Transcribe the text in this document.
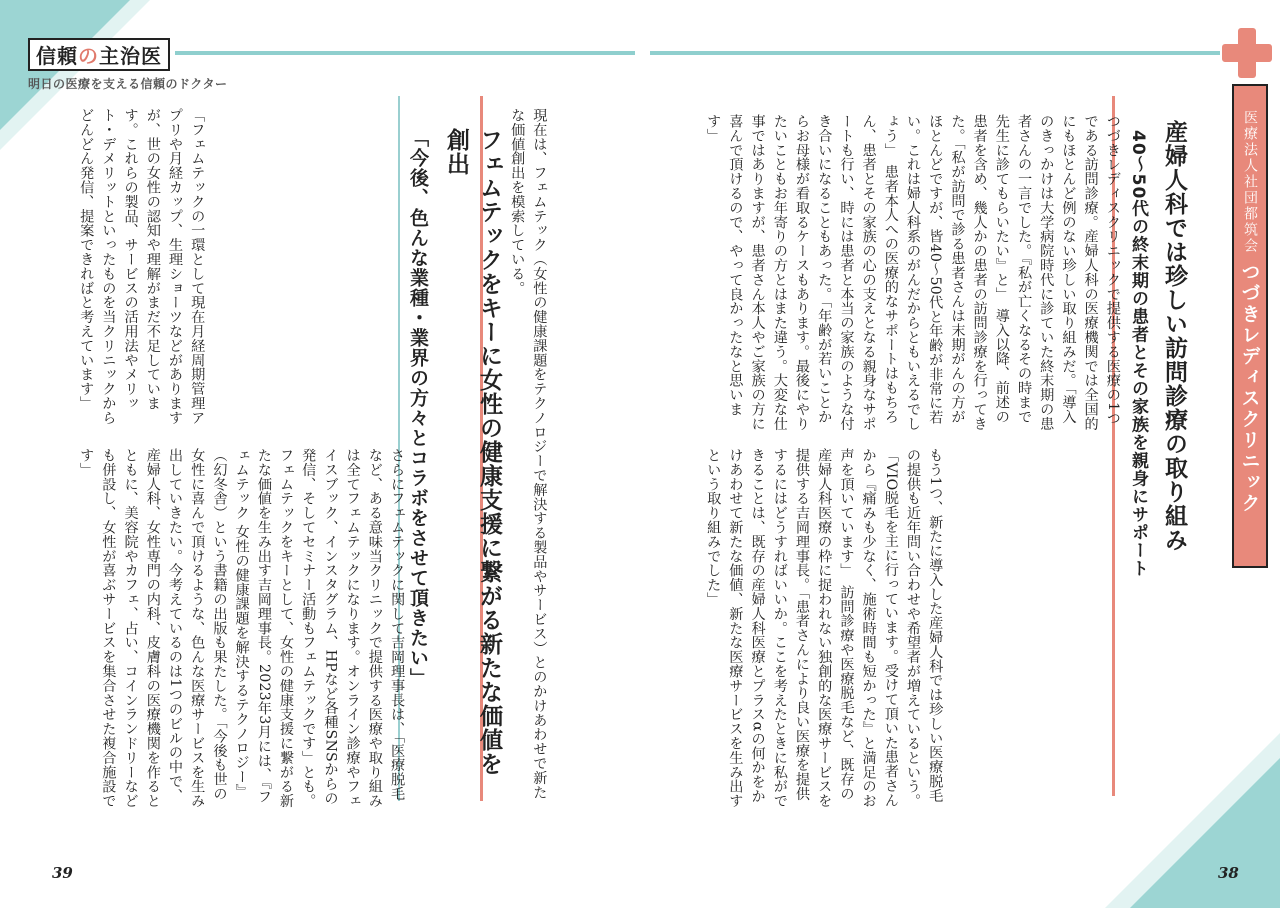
信頼の主治医
明日の医療を支える信頼のドクター
♥
医療法人社団都筑会
つづきレディスクリニック
産婦人科では珍しい訪問診療の取り組み
40～50代の終末期の患者とその家族を親身にサポート
つづきレディスクリニックで提供する医療の1つである訪問診療。産婦人科の医療機関では全国的にもほとんど例のない珍しい取り組みだ。「導入のきっかけは大学病院時代に診ていた終末期の患者さんの一言でした。『私が亡くなるその時まで先生に診てもらいたい』と」　導入以降、前述の患者を含め、幾人かの患者の訪問診療を行ってきた。「私が訪問で診る患者さんは末期がんの方がほとんどですが、皆40～50代と年齢が非常に若い。これは婦人科系のがんだからともいえるでしょう」　患者本人への医療的なサポートはもちろん、患者とその家族の心の支えとなる親身なサポートも行い、時には患者と本当の家族のような付き合いになることもあった。「年齢が若いことからお母様が看取るケースもあります。最後にやりたいこともお年寄りの方とはまた違う。大変な仕事ではありますが、患者さん本人やご家族の方に喜んで頂けるので、やって良かったなと思います」
もう1つ、新たに導入した産婦人科では珍しい医療脱毛の提供も近年問い合わせや希望者が増えているという。「VIO脱毛を主に行っています。受けて頂いた患者さんから『痛みも少なく、施術時間も短かった』と満足のお声を頂いています」　訪問診療や医療脱毛など、既存の産婦人科医療の枠に捉われない独創的な医療サービスを提供する吉岡理事長。「患者さんにより良い医療を提供するにはどうすればいいか。ここを考えたときに私ができることは、既存の産婦人科医療とプラスαの何かをかけあわせて新たな価値、新たな医療サービスを生み出すという取り組みでした」
現在は、フェムテック（女性の健康課題をテクノロジーで解決する製品やサービス）とのかけあわせで新たな価値創出を模索している。
フェムテックをキーに女性の健康支援に繋がる新たな価値を創出
「今後、色んな業種・業界の方々とコラボをさせて頂きたい」
「フェムテックの一環として現在月経周期管理アプリや月経カップ、生理ショーツなどがありますが、世の女性の認知や理解がまだ不足しています。これらの製品、サービスの活用法やメリット・デメリットといったものを当クリニックからどんどん発信、提案できればと考えています」
さらにフェムテックに関して吉岡理事長は、「医療脱毛など、ある意味当クリニックで提供する医療や取り組みは全てフェムテックになります。オンライン診療やフェイスブック、インスタグラム、HPなど各種SNSからの発信、そしてセミナー活動もフェムテックです」とも。　フェムテックをキーとして、女性の健康支援に繋がる新たな価値を生み出す吉岡理事長。2023年3月には、『フェムテック 女性の健康課題を解決するテクノロジー』（幻冬舎）という書籍の出版も果たした。「今後も世の女性に喜んで頂けるような、色んな医療サービスを生み出していきたい。今考えているのは1つのビルの中で、産婦人科、女性専門の内科、皮膚科の医療機関を作るとともに、美容院やカフェ、占い、コインランドリーなども併設し、女性が喜ぶサービスを集合させた複合施設です」
39	38
